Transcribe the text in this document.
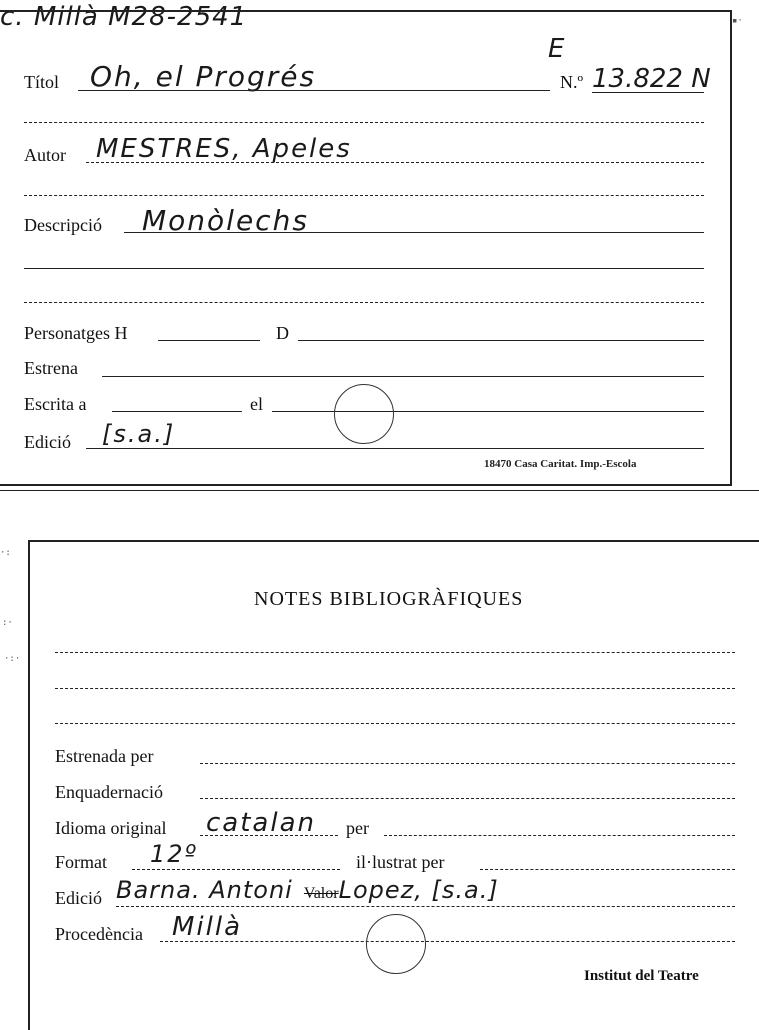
c. Millà M28-2541
E
Títol Oh, el Progrés	N.º 13.822 N
Autor MESTRES, Apeles
Descripció Monòlechs
Personatges H	D
Estrena
Escrita a	el
Edició [s.a.]
18470 Casa Caritat. Imp.-Escola
▪·
·:
:·
·:·
NOTES BIBLIOGRÀFIQUES
Estrenada per
Enquadernació
Idioma original catalan per
Format 12º	il·lustrat per
Edició Barna. Antoni ValorLopez, [s.a.]
Procedència Millà
Institut del Teatre
